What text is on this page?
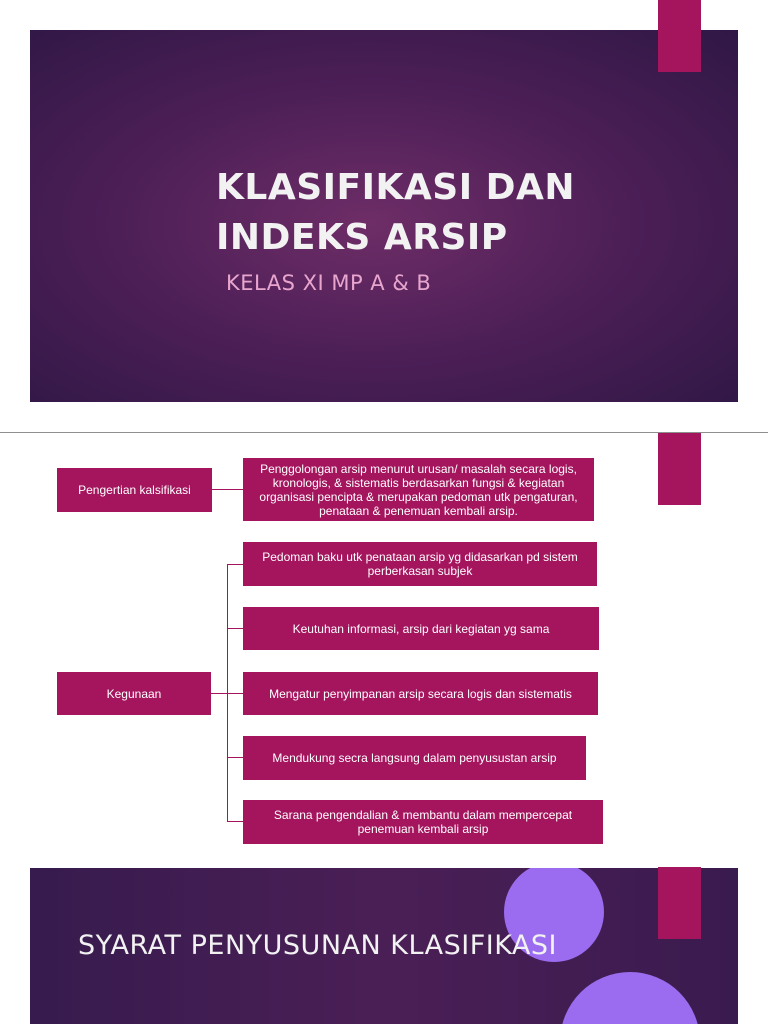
KLASIFIKASI DAN
INDEKS ARSIP
KELAS XI MP A & B
Pengertian kalsifikasi
Penggolongan arsip menurut urusan/ masalah secara logis, kronologis, & sistematis berdasarkan fungsi & kegiatan organisasi pencipta & merupakan pedoman utk pengaturan, penataan & penemuan kembali arsip.
Kegunaan
Pedoman baku utk penataan arsip yg didasarkan pd sistem perberkasan subjek
Keutuhan informasi, arsip dari kegiatan yg sama
Mengatur penyimpanan arsip secara logis dan sistematis
Mendukung secra langsung dalam penyusustan arsip
Sarana pengendalian & membantu dalam mempercepat penemuan kembali arsip
SYARAT PENYUSUNAN KLASIFIKASI
